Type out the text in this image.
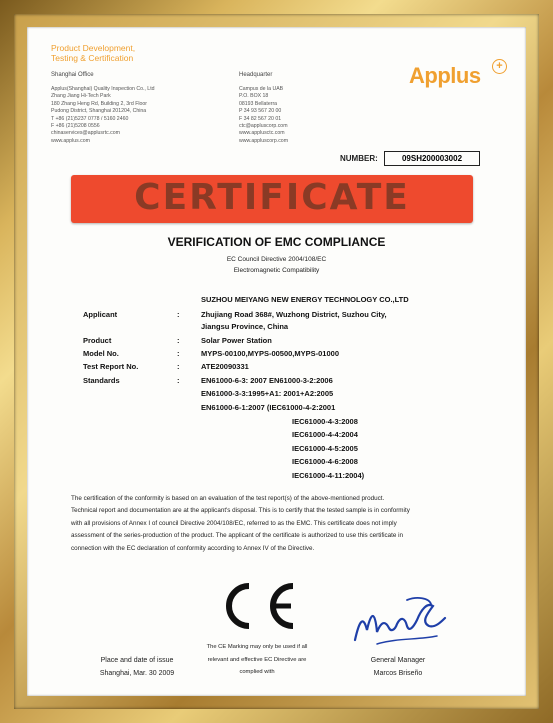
Product Development,
Testing & Certification
Shanghai Office	Headquarter
Applus(Shanghai) Quality Inspection Co., Ltd
Zhang Jiang Hi-Tech Park
180 Zhang Heng Rd, Building 2, 3rd Floor
Pudong District, Shanghai 201204, China
T +86 (21)5237 0778 / 5160 2460
F +86 (21)5208 0556
chinaservices@applusrtc.com
www.applus.com
Campus de la UAB
P.O. BOX 18
08193 Bellaterra
P 34 93 567 20 00
F 34 82 567 20 01
ctc@appluscorp.com
www.applusctc.com
www.appluscorp.com
Applus	+
NUMBER:	09SH200003002
CERTIFICATE
VERIFICATION OF EMC COMPLIANCE
EC Council Directive 2004/108/EC
Electromagnetic Compatibility
SUZHOU MEIYANG NEW ENERGY TECHNOLOGY CO.,LTD
Applicant	:	Zhujiang Road 368#, Wuzhong District, Suzhou City,
Jiangsu Province, China
Product	:	Solar Power Station
Model No.	:	MYPS-00100,MYPS-00500,MYPS-01000
Test Report No.	:	ATE20090331
Standards	:	EN61000-6-3: 2007 EN61000-3-2:2006
EN61000-3-3:1995+A1: 2001+A2:2005
EN61000-6-1:2007 (IEC61000-4-2:2001
IEC61000-4-3:2008
IEC61000-4-4:2004
IEC61000-4-5:2005
IEC61000-4-6:2008
IEC61000-4-11:2004)

The certification of the conformity is based on an evaluation of the test report(s) of the above-mentioned product.

Technical report and documentation are at the applicant's disposal. This is to certify that the tested sample is in conformity

with all provisions of Annex I of council Directive 2004/108/EC, referred to as the EMC. This certificate does not imply

assessment of the series-production of the product. The applicant of the certificate is authorized to use this certificate in

connection with the EC declaration of conformity according to Annex IV of the Directive.

The CE Marking may only be used if all
relevant and effective EC Directive are
complied with
Place and date of issue
Shanghai, Mar. 30 2009
General Manager
Marcos Briseño
